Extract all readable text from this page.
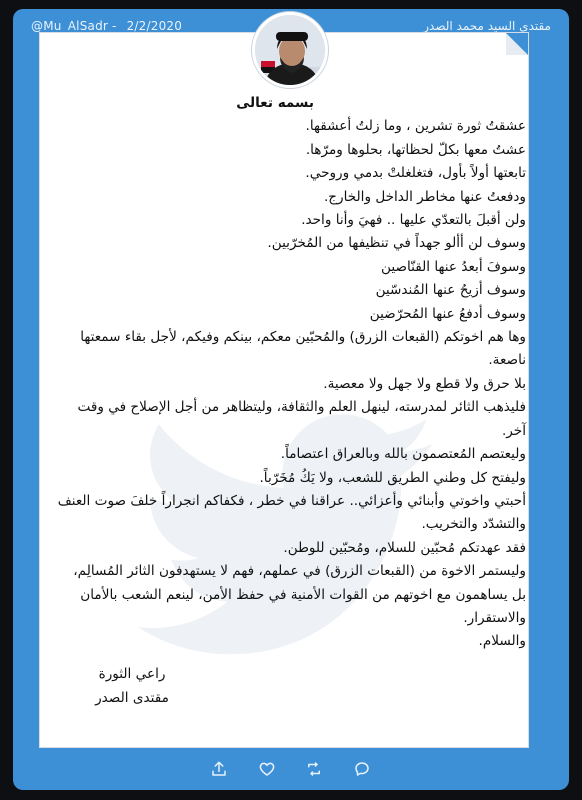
@Mu_AlSadr - 2/2/2020	مقتدى السيد محمد الصدر
بسمه تعالى
عشقتُ ثورة تشرين ، وما زلتُ أعشقها.
عشتُ معها بكلّ لحظاتها، بحلوها ومرّها.
تابعتها أولاً بأول، فتغلغلتْ بدمي وروحي.
ودفعتُ عنها مخاطر الداخل والخارج.
ولن أقبلَ بالتعدّي عليها .. فهيَ وأنا واحد.
وسوف لن أألو جهداً في تنظيفها من المُخرّبين.
وسوفَ أبعدُ عنها القنّاصين
وسوف أزيحُ عنها المُندسّين
وسوف أدفعُ عنها المُحرّضين
وها هم اخوتكم (القبعات الزرق) والمُحبّين معكم، بينكم وفيكم، لأجل بقاء سمعتها ناصعة.
بلا حرق ولا قطع ولا جهل ولا معصية.
فليذهب الثائر لمدرسته، لينهل العلم والثقافة، وليتظاهر من أجل الإصلاح في وقت آخر.
وليعتصم المُعتصمون بالله وبالعراق اعتصاماً.
وليفتح كل وطني الطريق للشعب، ولا يَكُ مُخَرّباً.
أحبتي واخوتي وأبنائي وأعزائي.. عراقنا في خطر ، فكفاكم انجراراً خلفَ صوت العنف والتشدّد والتخريب.
فقد عهدتكم مُحبّين للسلام، ومُحبّين للوطن.
وليستمر الاخوة من (القبعات الزرق) في عملهم، فهم لا يستهدفون الثائر المُسالِم، بل يساهمون مع اخوتهم من القوات الأمنية في حفظ الأمن، لينعم الشعب بالأمان والاستقرار.
والسلام.
راعي الثورة
مقتدى الصدر
